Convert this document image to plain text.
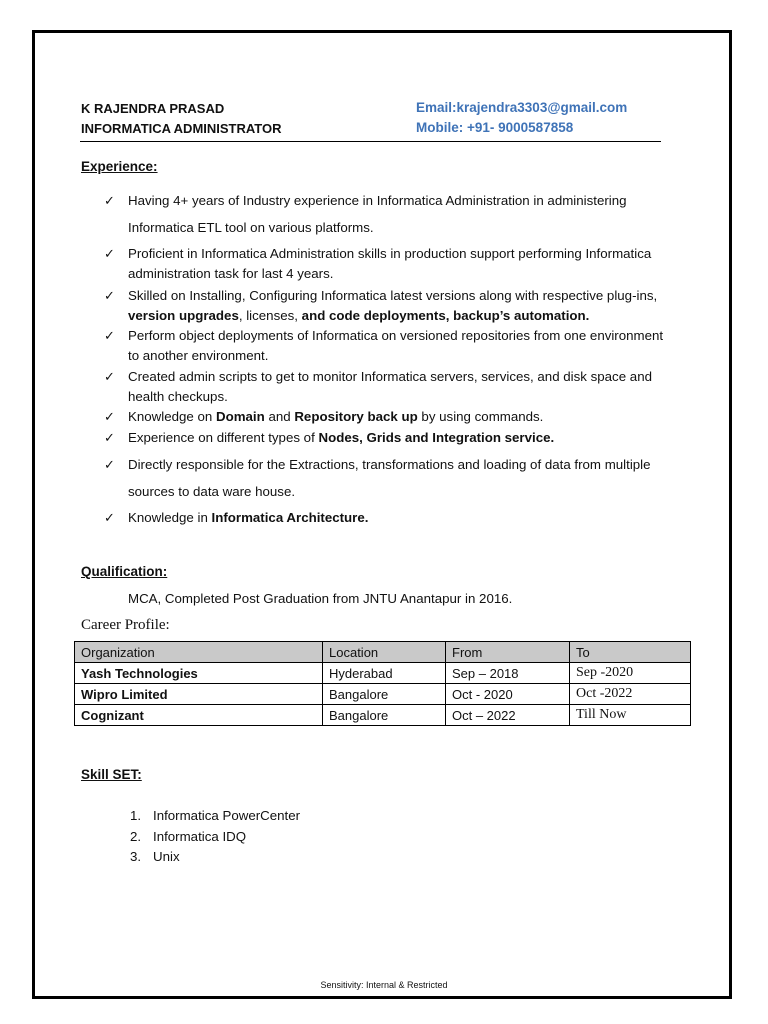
K RAJENDRA PRASAD
INFORMATICA ADMINISTRATOR
Email:krajendra3303@gmail.com
Mobile: +91- 9000587858
Experience:
✓ Having 4+ years of Industry experience in Informatica Administration in administering
Informatica ETL tool on various platforms.
✓ Proficient in Informatica Administration skills in production support performing Informatica
administration task for last 4 years.
✓ Skilled on Installing, Configuring Informatica latest versions along with respective plug-ins,
version upgrades, licenses, and code deployments, backup’s automation.
✓ Perform object deployments of Informatica on versioned repositories from one environment
to another environment.
✓ Created admin scripts to get to monitor Informatica servers, services, and disk space and
health checkups.
✓ Knowledge on Domain and Repository back up by using commands.
✓ Experience on different types of Nodes, Grids and Integration service.
✓ Directly responsible for the Extractions, transformations and loading of data from multiple
sources to data ware house.
✓ Knowledge in Informatica Architecture.
Qualification:
MCA, Completed Post Graduation from JNTU Anantapur in 2016.
Career Profile:
Organization	Location	From	To
Yash Technologies	Hyderabad	Sep – 2018	Sep -2020
Wipro Limited	Bangalore	Oct - 2020	Oct -2022
Cognizant	Bangalore	Oct – 2022	Till Now
Skill SET:
1. Informatica PowerCenter
2. Informatica IDQ
3. Unix
Sensitivity: Internal & Restricted
